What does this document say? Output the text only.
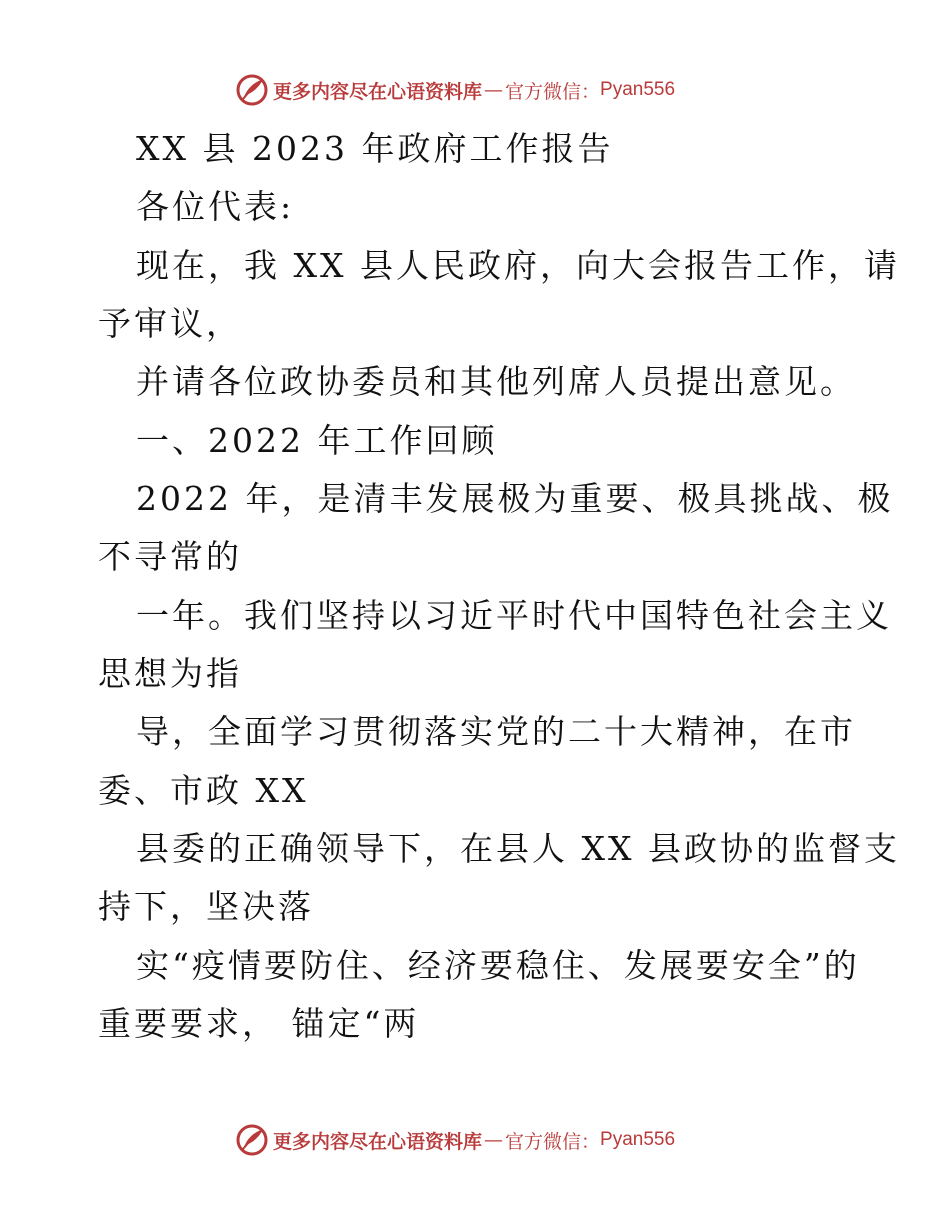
更多内容尽在心语资料库 — 官方微信： Pyan556
XX 县 2023 年政府工作报告
各位代表:
现在，我 XX 县人民政府，向大会报告工作，请
予审议，
并请各位政协委员和其他列席人员提出意见。
一、2022 年工作回顾
2022 年，是清丰发展极为重要、极具挑战、极
不寻常的
一年。我们坚持以习近平时代中国特色社会主义
思想为指
导，全面学习贯彻落实党的二十大精神，在市
委、市政 XX
县委的正确领导下，在县人 XX 县政协的监督支
持下，坚决落
实“疫情要防住、经济要稳住、发展要安全”的
重要要求， 锚定“两
更多内容尽在心语资料库 — 官方微信： Pyan556
